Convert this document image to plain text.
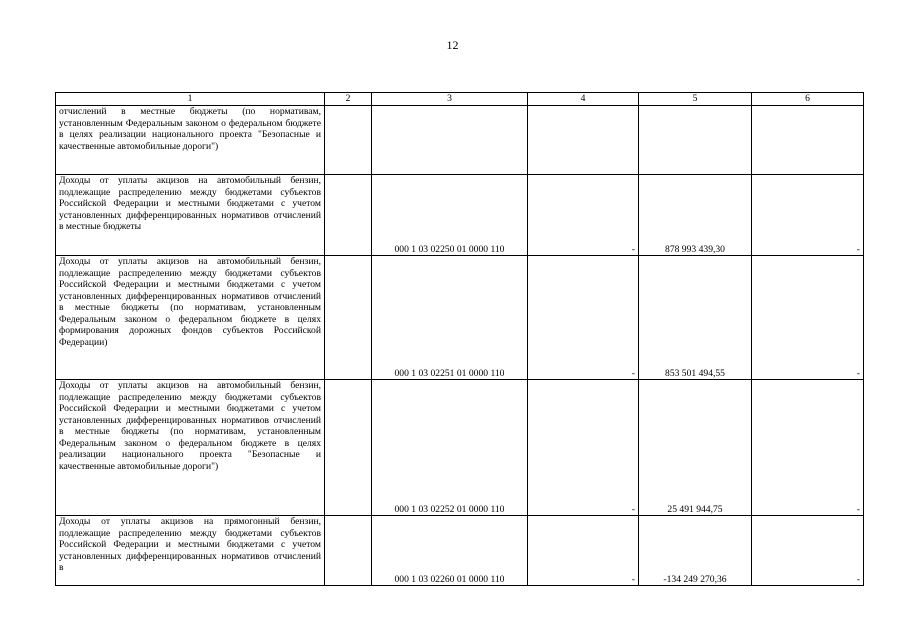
12
1	2	3	4	5	6
отчислений в местные бюджеты (по нормативам, установленным Федеральным законом о федеральном бюджете в целях реализации национального проекта "Безопасные и качественные автомобильные дороги")					
Доходы от уплаты акцизов на автомобильный бензин, подлежащие распределению между бюджетами субъектов Российской Федерации и местными бюджетами с учетом установленных дифференцированных нормативов отчислений в местные бюджеты		000 1 03 02250 01 0000 110	-	878 993 439,30	-
Доходы от уплаты акцизов на автомобильный бензин, подлежащие распределению между бюджетами субъектов Российской Федерации и местными бюджетами с учетом установленных дифференцированных нормативов отчислений в местные бюджеты (по нормативам, установленным Федеральным законом о федеральном бюджете в целях формирования дорожных фондов субъектов Российской Федерации)		000 1 03 02251 01 0000 110	-	853 501 494,55	-
Доходы от уплаты акцизов на автомобильный бензин, подлежащие распределению между бюджетами субъектов Российской Федерации и местными бюджетами с учетом установленных дифференцированных нормативов отчислений в местные бюджеты (по нормативам, установленным Федеральным законом о федеральном бюджете в целях реализации национального проекта "Безопасные и качественные автомобильные дороги")		000 1 03 02252 01 0000 110	-	25 491 944,75	-
Доходы от уплаты акцизов на прямогонный бензин, подлежащие распределению между бюджетами субъектов Российской Федерации и местными бюджетами с учетом установленных дифференцированных нормативов отчислений в		000 1 03 02260 01 0000 110	-	-134 249 270,36	-
